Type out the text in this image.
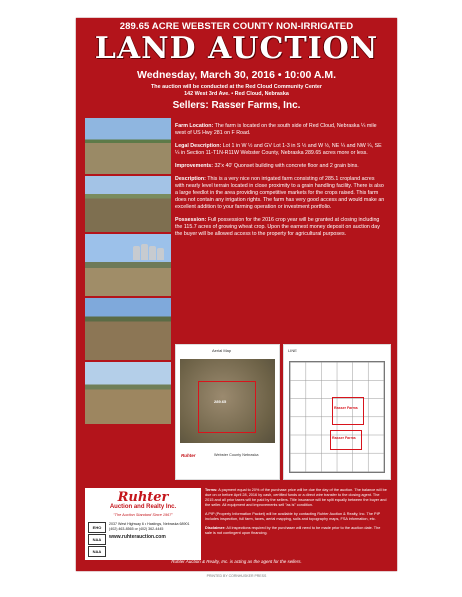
289.65 ACRE WEBSTER COUNTY NON-IRRIGATED
LAND AUCTION
Wednesday, March 30, 2016 • 10:00 A.M.
The auction will be conducted at the Red Cloud Community Center
142 West 3rd Ave. • Red Cloud, Nebraska
Sellers: Rasser Farms, Inc.

Farm Location: The farm is located on the south side of Red Cloud, Nebraska ¼ mile west of US Hwy 281 on F Road.

Legal Description: Lot 1 in W ½ and GV Lot 1-3 in S ½ and W ½, NE ¼ and NW ¼, SE ¼ in Section 11-T1N-R11W Webster County, Nebraska 289.65 acres more or less.

Improvements: 32'x 40' Quonset building with concrete floor and 2 grain bins.

Description: This is a very nice non irrigated farm consisting of 285.1 cropland acres with nearly level terrain located in close proximity to a grain handling facility. There is also a large feedlot in the area providing competitive markets for the crops raised. This farm does not contain any irrigation rights. The farm has very good access and would make an excellent addition to your farming operation or investment portfolio.

Possession: Full possession for the 2016 crop year will be granted at closing including the 115.7 acres of growing wheat crop. Upon the earnest money deposit on auction day the buyer will be allowed access to the property for agricultural purposes.

Aerial Map
289.65
Ruhter	Webster County Nebraska
LINE
Rasser Farms
Rasser Farms
Ruhter
Auction and Realty Inc.
"The Auction Standard Since 1967"
EHO
NAA
NAA
2037 West Highway 6 • Hastings, Nebraska 68901
(402) 463-8565 or (402) 362-4445
www.ruhterauction.com

Terms: A payment equal to 20% of the purchase price will be due the day of the auction. The balance will be due on or before April 28, 2016 by cash, certified funds or a direct wire transfer to the closing agent. The 2015 and all prior taxes will be paid by the sellers. Title insurance will be split equally between the buyer and the seller. All equipment and improvements sell "as is" condition.

A PIP (Property Information Packet) will be available by contacting Ruhter Auction & Realty, Inc. The PIP includes inspection, full farm, taxes, aerial mapping, soils and topography maps, FSA information, etc.

Disclaimer: All inspections required by the purchaser will need to be made prior to the auction date. The sale is not contingent upon financing.

Ruhter Auction & Realty, Inc. is acting as the agent for the sellers.
PRINTED BY CORNHUSKER PRESS
